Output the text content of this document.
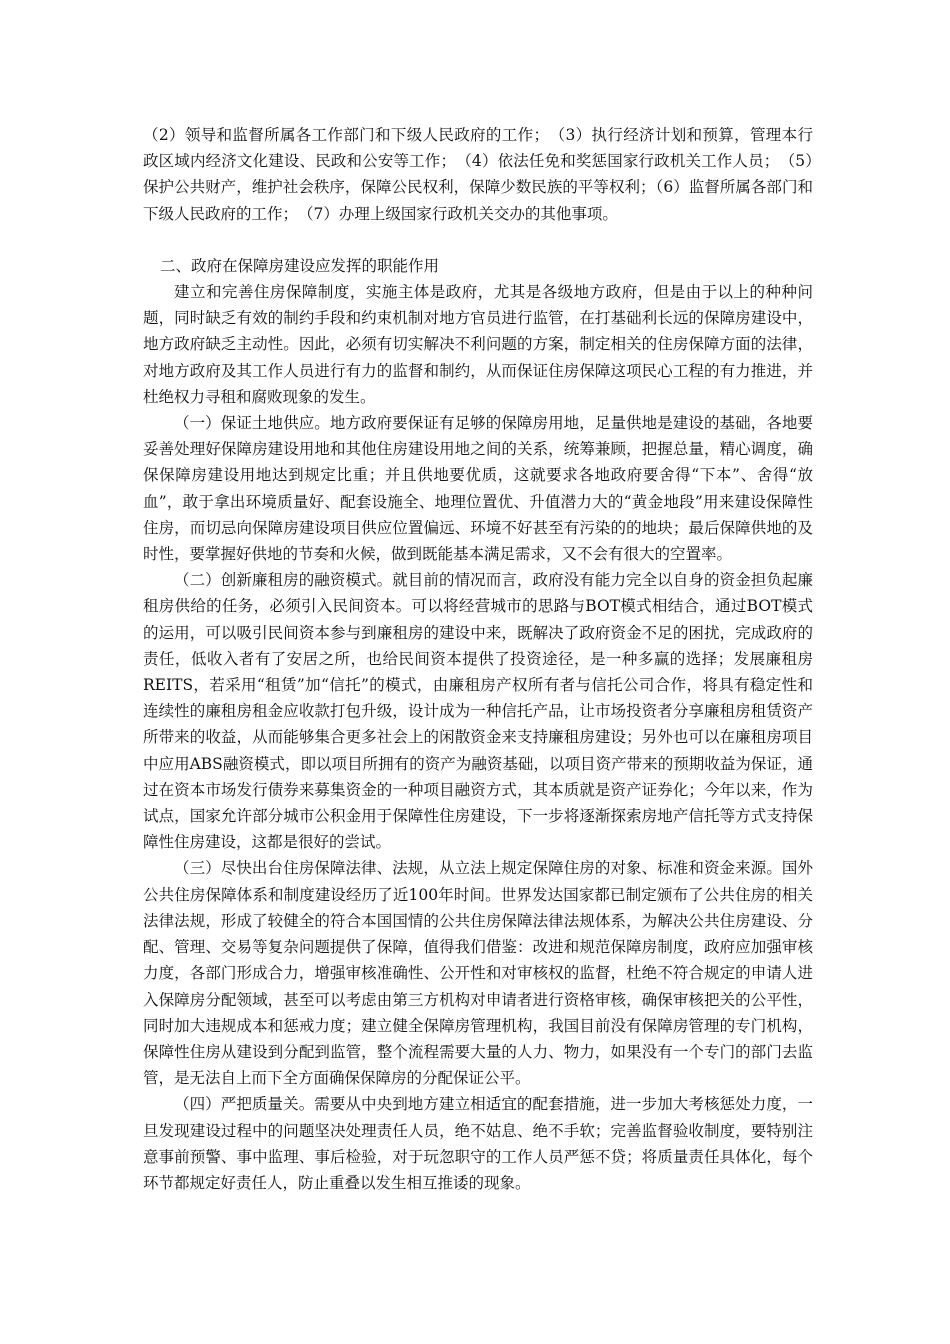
（2）领导和监督所属各工作部门和下级人民政府的工作；　（3）执行经济计划和预算，管理本行政区域内经济文化建设、民政和公安等工作；　（4）依法任免和奖惩国家行政机关工作人员；　（5）保护公共财产，维护社会秩序，保障公民权利，保障少数民族的平等权利；（6）监督所属各部门和下级人民政府的工作；　（7）办理上级国家行政机关交办的其他事项。

二、政府在保障房建设应发挥的职能作用

建立和完善住房保障制度，实施主体是政府，尤其是各级地方政府，但是由于以上的种种问题，同时缺乏有效的制约手段和约束机制对地方官员进行监管，在打基础利长远的保障房建设中，地方政府缺乏主动性。因此，必须有切实解决不利问题的方案，制定相关的住房保障方面的法律，对地方政府及其工作人员进行有力的监督和制约，从而保证住房保障这项民心工程的有力推进，并杜绝权力寻租和腐败现象的发生。

（一）保证土地供应。地方政府要保证有足够的保障房用地，足量供地是建设的基础，各地要妥善处理好保障房建设用地和其他住房建设用地之间的关系，统筹兼顾，把握总量，精心调度，确保保障房建设用地达到规定比重；并且供地要优质，这就要求各地政府要舍得“下本”、舍得“放血”，敢于拿出环境质量好、配套设施全、地理位置优、升值潜力大的“黄金地段”用来建设保障性住房，而切忌向保障房建设项目供应位置偏远、环境不好甚至有污染的的地块；最后保障供地的及时性，要掌握好供地的节奏和火候，做到既能基本满足需求，又不会有很大的空置率。

（二）创新廉租房的融资模式。就目前的情况而言，政府没有能力完全以自身的资金担负起廉租房供给的任务，必须引入民间资本。可以将经营城市的思路与BOT模式相结合，通过BOT模式的运用，可以吸引民间资本参与到廉租房的建设中来，既解决了政府资金不足的困扰，完成政府的责任，低收入者有了安居之所，也给民间资本提供了投资途径，是一种多赢的选择；发展廉租房REITS，若采用“租赁”加“信托”的模式，由廉租房产权所有者与信托公司合作，将具有稳定性和连续性的廉租房租金应收款打包升级，设计成为一种信托产品，让市场投资者分享廉租房租赁资产所带来的收益，从而能够集合更多社会上的闲散资金来支持廉租房建设；另外也可以在廉租房项目中应用ABS融资模式，即以项目所拥有的资产为融资基础，以项目资产带来的预期收益为保证，通过在资本市场发行债券来募集资金的一种项目融资方式，其本质就是资产证券化；今年以来，作为试点，国家允许部分城市公积金用于保障性住房建设，下一步将逐渐探索房地产信托等方式支持保障性住房建设，这都是很好的尝试。

（三）尽快出台住房保障法律、法规，从立法上规定保障住房的对象、标准和资金来源。国外公共住房保障体系和制度建设经历了近100年时间。世界发达国家都已制定颁布了公共住房的相关法律法规，形成了较健全的符合本国国情的公共住房保障法律法规体系，为解决公共住房建设、分配、管理、交易等复杂问题提供了保障，值得我们借鉴：改进和规范保障房制度，政府应加强审核力度，各部门形成合力，增强审核准确性、公开性和对审核权的监督，杜绝不符合规定的申请人进入保障房分配领域，甚至可以考虑由第三方机构对申请者进行资格审核，确保审核把关的公平性，同时加大违规成本和惩戒力度；建立健全保障房管理机构，我国目前没有保障房管理的专门机构，保障性住房从建设到分配到监管，整个流程需要大量的人力、物力，如果没有一个专门的部门去监管，是无法自上而下全方面确保保障房的分配保证公平。

（四）严把质量关。需要从中央到地方建立相适宜的配套措施，进一步加大考核惩处力度，一旦发现建设过程中的问题坚决处理责任人员，绝不姑息、绝不手软；完善监督验收制度，要特别注意事前预警、事中监理、事后检验，对于玩忽职守的工作人员严惩不贷；将质量责任具体化，每个环节都规定好责任人，防止重叠以发生相互推诿的现象。
